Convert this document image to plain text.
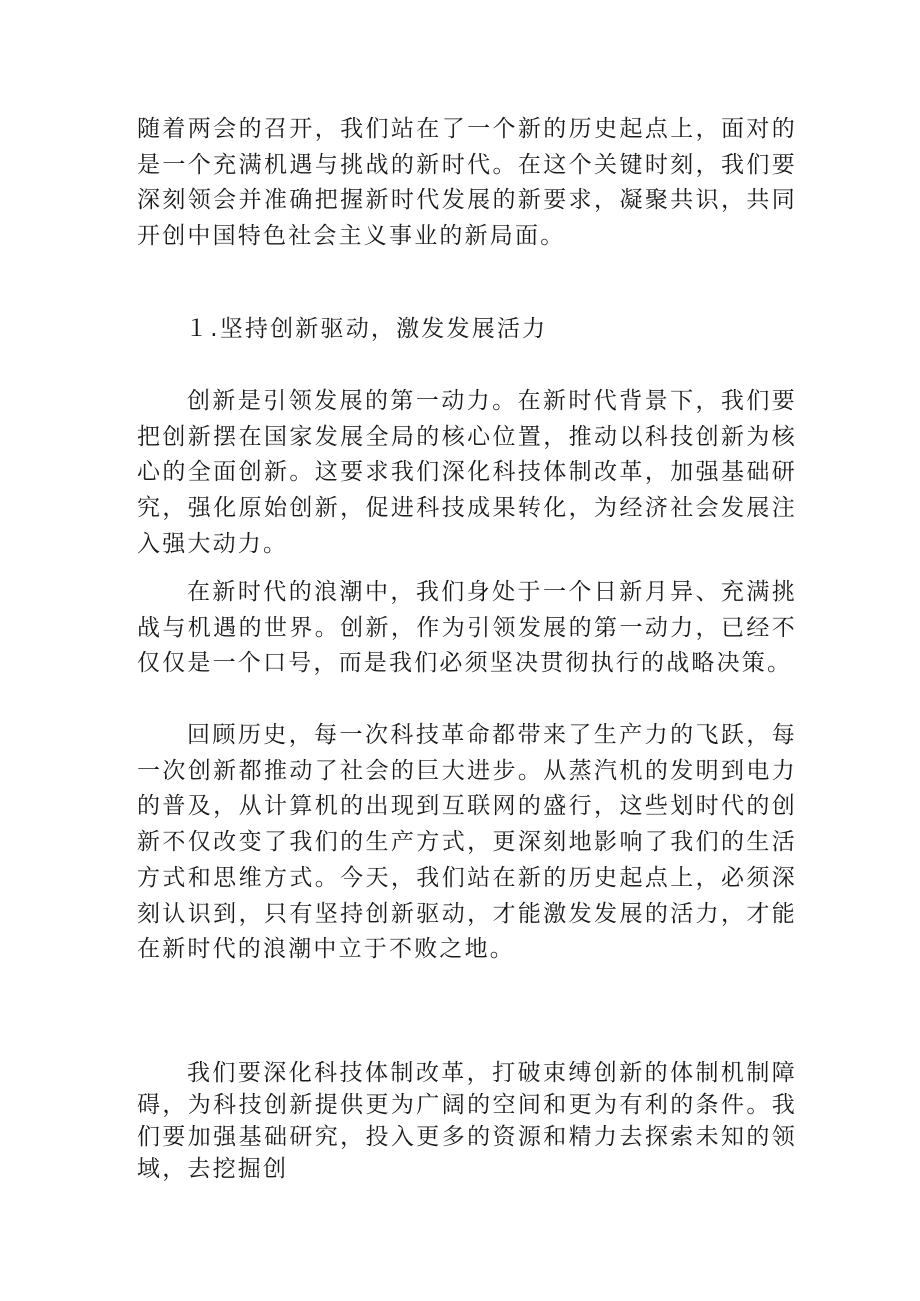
随着两会的召开，我们站在了一个新的历史起点上，面对的是一个充满机遇与挑战的新时代。在这个关键时刻，我们要深刻领会并准确把握新时代发展的新要求，凝聚共识，共同开创中国特色社会主义事业的新局面。

１.坚持创新驱动，激发发展活力

创新是引领发展的第一动力。在新时代背景下，我们要把创新摆在国家发展全局的核心位置，推动以科技创新为核心的全面创新。这要求我们深化科技体制改革，加强基础研究，强化原始创新，促进科技成果转化，为经济社会发展注入强大动力。

在新时代的浪潮中，我们身处于一个日新月异、充满挑战与机遇的世界。创新，作为引领发展的第一动力，已经不仅仅是一个口号，而是我们必须坚决贯彻执行的战略决策。

回顾历史，每一次科技革命都带来了生产力的飞跃，每一次创新都推动了社会的巨大进步。从蒸汽机的发明到电力的普及，从计算机的出现到互联网的盛行，这些划时代的创新不仅改变了我们的生产方式，更深刻地影响了我们的生活方式和思维方式。今天，我们站在新的历史起点上，必须深刻认识到，只有坚持创新驱动，才能激发发展的活力，才能在新时代的浪潮中立于不败之地。

我们要深化科技体制改革，打破束缚创新的体制机制障碍，为科技创新提供更为广阔的空间和更为有利的条件。我们要加强基础研究，投入更多的资源和精力去探索未知的领域，去挖掘创
